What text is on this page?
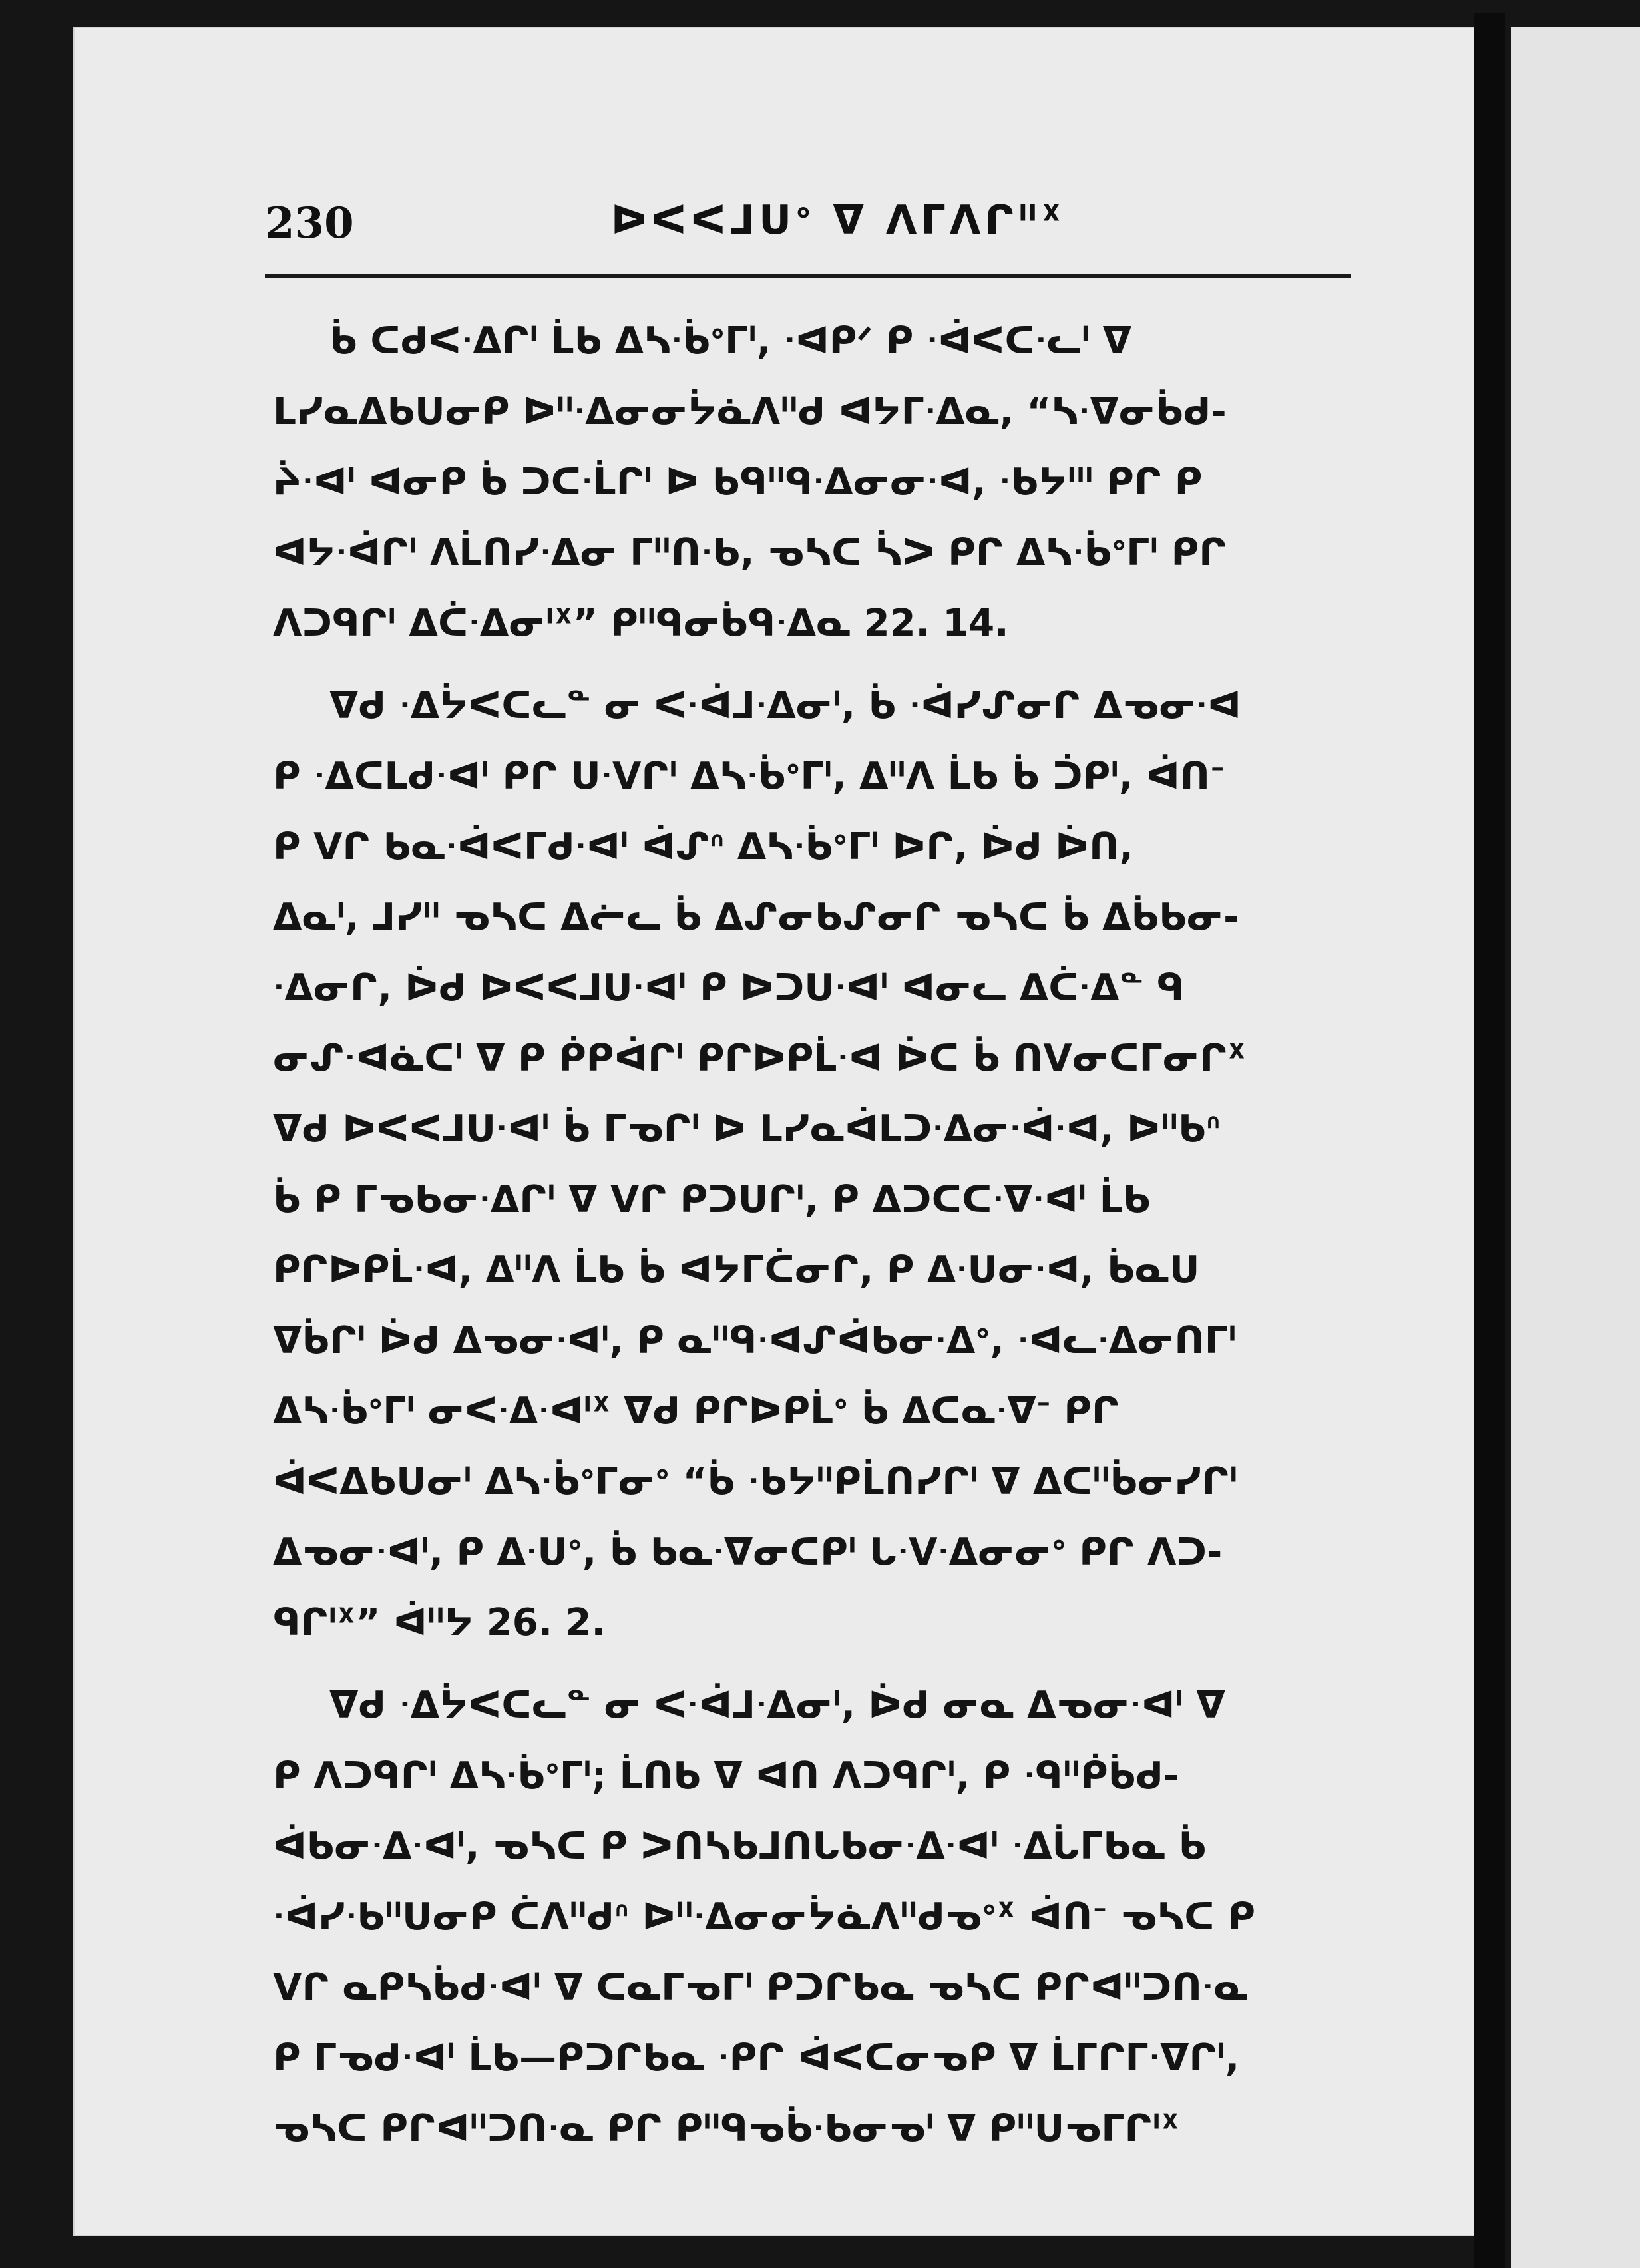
230	ᐅᐸᐸᒧᑌᐤ ᐁ ᐱᒥᐱᒋᐦᕽ
ᑳ ᑕᑯᐸᐧᐃᒋᑊ ᒫᑲ ᐃᓴᐧᑳᐤᒥᑊ, ᐧᐊᑭᐟ ᑭ ᐧᐋᐸᑕᐧᓚᑊ ᐁ
ᒪᓯᓇᐃᑲᑌᓂᑭ ᐅᐦᐧᐃᓂᓂᔮᓈᐱᐦᑯ ᐊᔭᒥᐧᐃᓇ, “ᓴᐧᐁᓂᑳᑯ-
ᔩᐧᐊᑊ ᐊᓂᑭ ᑳ ᑐᑕᐧᒫᒋᑊ ᐅ ᑲᑫᐦᑫᐧᐃᓂᓂᐧᐊ, ᐧᑲᔭᐦᑊ ᑭᒋ ᑭ
ᐊᔭᐧᐋᒋᑊ ᐱᒫᑎᓯᐧᐃᓂ ᒥᐦᑎᐧᑲ, ᓀᓴᑕ ᓵᐳ ᑭᒋ ᐃᓴᐧᑳᐤᒥᑊ ᑭᒋ
ᐱᑐᑫᒋᑊ ᐃᑖᐧᐃᓂᑊᕽ” ᑭᐦᑫᓂᑳᑫᐧᐃᓇ 22. 14.
ᐁᑯ ᐧᐃᔮᐸᑕᓚᓐ ᓂ ᐸᐧᐋᒧᐧᐃᓂᑊ, ᑳ ᐧᐋᓯᔑᓂᒋ ᐃᓀᓂᐧᐊ
ᑭ ᐧᐃᑕᒪᑯᐧᐊᑊ ᑭᒋ ᑌᐧᐯᒋᑊ ᐃᓴᐧᑳᐤᒥᑊ, ᐃᐦᐱ ᒫᑲ ᑳ ᑑᑭᑊ, ᐋᑎᐨ
ᑭ ᐯᒋ ᑲᓇᐧᐋᐸᒥᑯᐧᐊᑊ ᐋᔑᐢ ᐃᓴᐧᑳᐤᒥᑊ ᐅᒋ, ᐆᑯ ᐆᑎ,
ᐃᓇᑊ, ᒧᓯᐦ ᓀᓴᑕ ᐃᓖᓚ ᑳ ᐃᔑᓂᑲᔑᓂᒋ ᓀᓴᑕ ᑳ ᐃᑳᑲᓂ-
ᐧᐃᓂᒋ, ᐆᑯ ᐅᐸᐸᒧᑌᐧᐊᑊ ᑭ ᐅᑐᑌᐧᐊᑊ ᐊᓂᓚ ᐃᑖᐧᐃᓐ ᑫ
ᓂᔑᐧᐊᓈᑕᑊ ᐁ ᑭ ᑮᑭᐋᒋᑊ ᑭᒋᐅᑭᒫᐧᐊ ᐆᑕ ᑳ ᑎᐯᓂᑕᒥᓂᒋᕽ
ᐁᑯ ᐅᐸᐸᒧᑌᐧᐊᑊ ᑳ ᒥᓀᒋᑊ ᐅ ᒪᓯᓇᐋᒪᑐᐧᐃᓂᐧᐋᐧᐊ, ᐅᐦᑲᐢ
ᑳ ᑭ ᒥᓀᑲᓂᐧᐃᒋᑊ ᐁ ᐯᒋ ᑭᑐᑌᒋᑊ, ᑭ ᐃᑐᑕᑕᐧᐁᐧᐊᑊ ᒫᑲ
ᑭᒋᐅᑭᒫᐧᐊ, ᐃᐦᐱ ᒫᑲ ᑳ ᐊᔭᒥᑖᓂᒋ, ᑭ ᐃᐧᑌᓂᐧᐊ, ᑳᓇᑌ
ᐁᑳᒋᑊ ᐆᑯ ᐃᓀᓂᐧᐊᑊ, ᑭ ᓇᐦᑫᐧᐊᔑᐋᑲᓂᐧᐃᐤ, ᐧᐊᓚᐧᐃᓂᑎᒥᑊ
ᐃᓴᐧᑳᐤᒥᑊ ᓂᐸᐧᐃᐧᐊᑊᕽ ᐁᑯ ᑭᒋᐅᑭᒫᐤ ᑳ ᐃᑕᓇᐧᐁᐨ ᑭᒋ
ᐋᐸᐃᑲᑌᓂᑊ ᐃᓴᐧᑳᐤᒥᓂᐤ “ᑳ ᐧᑲᔭᐦᑭᒫᑎᓯᒋᑊ ᐁ ᐃᑕᐦᑳᓂᓯᒋᑊ
ᐃᓀᓂᐧᐊᑊ, ᑭ ᐃᐧᑌᐤ, ᑳ ᑲᓇᐧᐁᓂᑕᑭᑊ ᒐᐧᐯᐧᐃᓂᓂᐤ ᑭᒋ ᐱᑐ-
ᑫᒋᑊᕽ” ᐋᐦᔭ 26. 2.
ᐁᑯ ᐧᐃᔮᐸᑕᓚᓐ ᓂ ᐸᐧᐋᒧᐧᐃᓂᑊ, ᐆᑯ ᓂᓇ ᐃᓀᓂᐧᐊᑊ ᐁ
ᑭ ᐱᑐᑫᒋᑊ ᐃᓴᐧᑳᐤᒥᑊ; ᒫᑎᑲ ᐁ ᐊᑎ ᐱᑐᑫᒋᑊ, ᑭ ᐧᑫᐦᑮᑳᑯ-
ᐋᑲᓂᐧᐃᐧᐊᑊ, ᓀᓴᑕ ᑭ ᐳᑎᓴᑲᒧᑎᒐᑲᓂᐧᐃᐧᐊᑊ ᐧᐃᒑᒥᑲᓇ ᑳ
ᐧᐋᓯᐧᑲᐦᑌᓂᑭ ᑖᐱᐦᑯᐢ ᐅᐦᐧᐃᓂᓂᔮᓈᐱᐦᑯᓀᐤᕽ ᐋᑎᐨ ᓀᓴᑕ ᑭ
ᐯᒋ ᓇᑭᓴᑳᑯᐧᐊᑊ ᐁ ᑕᓇᒥᓀᒥᑊ ᑭᑐᒋᑲᓇ ᓀᓴᑕ ᑭᒋᐊᐦᑐᑎᐧᓇ
ᑭ ᒥᓀᑯᐧᐊᑊ ᒫᑲ—ᑭᑐᒋᑲᓇ ᐧᑭᒋ ᐋᐸᑕᓂᓀᑭ ᐁ ᒫᒥᒋᒥᐧᐁᒋᑊ,
ᓀᓴᑕ ᑭᒋᐊᐦᑐᑎᐧᓇ ᑭᒋ ᑭᐦᑫᓀᑳᐧᑲᓂᓀᑊ ᐁ ᑭᐦᑌᓀᒥᒋᑊᕽ
